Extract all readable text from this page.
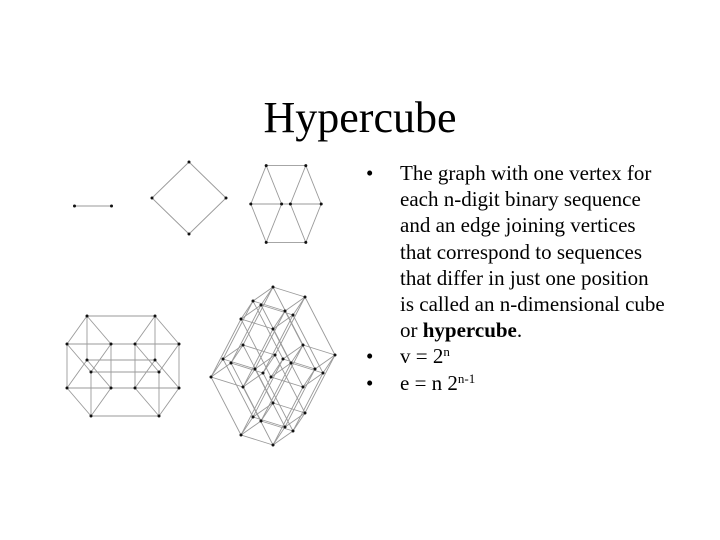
Hypercube
• The graph with one vertex for each n-digit binary sequence and an edge joining vertices that correspond to sequences that differ in just one position is called an n-dimensional cube or hypercube.
• $v = 2^n$
• e = n 2$^{n-1}$
